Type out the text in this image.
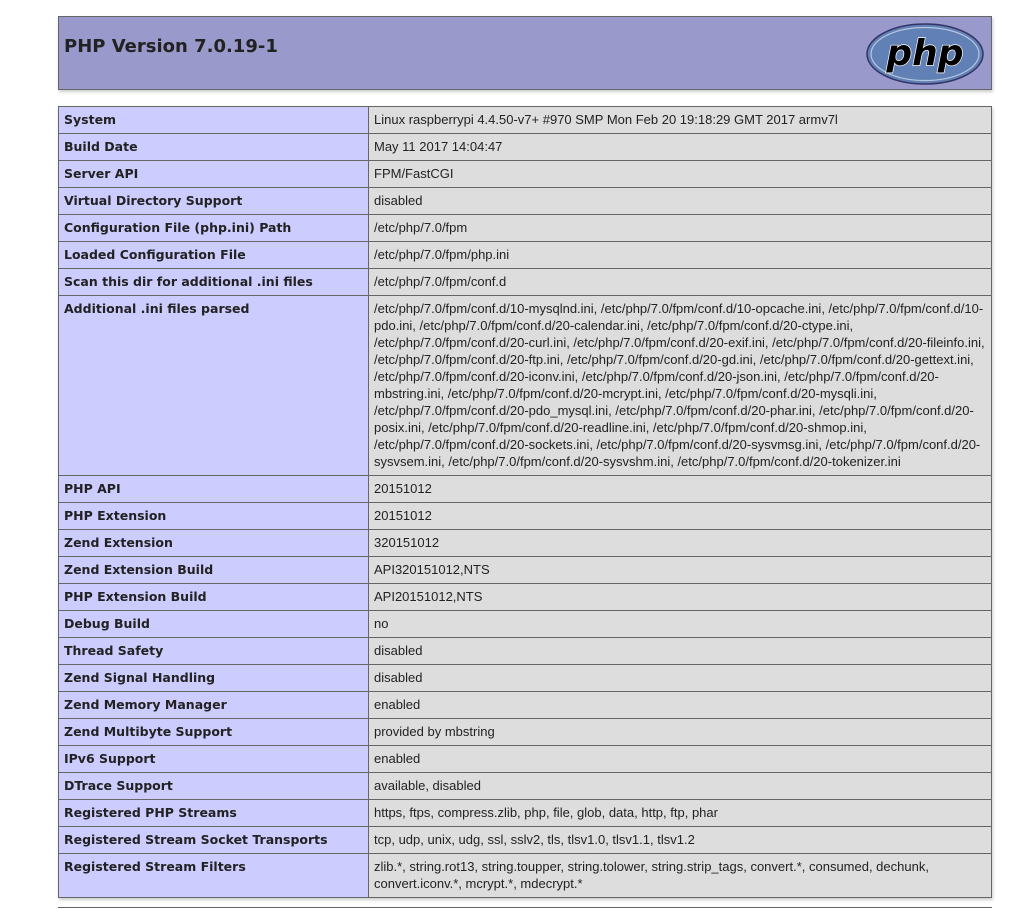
PHP Version 7.0.19-1	php
System	Linux raspberrypi 4.4.50-v7+ #970 SMP Mon Feb 20 19:18:29 GMT 2017 armv7l
Build Date	May 11 2017 14:04:47
Server API	FPM/FastCGI
Virtual Directory Support	disabled
Configuration File (php.ini) Path	/etc/php/7.0/fpm
Loaded Configuration File	/etc/php/7.0/fpm/php.ini
Scan this dir for additional .ini files	/etc/php/7.0/fpm/conf.d
Additional .ini files parsed	/etc/php/7.0/fpm/conf.d/10-mysqlnd.ini, /etc/php/7.0/fpm/conf.d/10-opcache.ini, /etc/php/7.0/fpm/conf.d/10-pdo.ini, /etc/php/7.0/fpm/conf.d/20-calendar.ini, /etc/php/7.0/fpm/conf.d/20-ctype.ini, /etc/php/7.0/fpm/conf.d/20-curl.ini, /etc/php/7.0/fpm/conf.d/20-exif.ini, /etc/php/7.0/fpm/conf.d/20-fileinfo.ini, /etc/php/7.0/fpm/conf.d/20-ftp.ini, /etc/php/7.0/fpm/conf.d/20-gd.ini, /etc/php/7.0/fpm/conf.d/20-gettext.ini, /etc/php/7.0/fpm/conf.d/20-iconv.ini, /etc/php/7.0/fpm/conf.d/20-json.ini, /etc/php/7.0/fpm/conf.d/20-mbstring.ini, /etc/php/7.0/fpm/conf.d/20-mcrypt.ini, /etc/php/7.0/fpm/conf.d/20-mysqli.ini, /etc/php/7.0/fpm/conf.d/20-pdo_mysql.ini, /etc/php/7.0/fpm/conf.d/20-phar.ini, /etc/php/7.0/fpm/conf.d/20-posix.ini, /etc/php/7.0/fpm/conf.d/20-readline.ini, /etc/php/7.0/fpm/conf.d/20-shmop.ini, /etc/php/7.0/fpm/conf.d/20-sockets.ini, /etc/php/7.0/fpm/conf.d/20-sysvmsg.ini, /etc/php/7.0/fpm/conf.d/20-sysvsem.ini, /etc/php/7.0/fpm/conf.d/20-sysvshm.ini, /etc/php/7.0/fpm/conf.d/20-tokenizer.ini
PHP API	20151012
PHP Extension	20151012
Zend Extension	320151012
Zend Extension Build	API320151012,NTS
PHP Extension Build	API20151012,NTS
Debug Build	no
Thread Safety	disabled
Zend Signal Handling	disabled
Zend Memory Manager	enabled
Zend Multibyte Support	provided by mbstring
IPv6 Support	enabled
DTrace Support	available, disabled
Registered PHP Streams	https, ftps, compress.zlib, php, file, glob, data, http, ftp, phar
Registered Stream Socket Transports	tcp, udp, unix, udg, ssl, sslv2, tls, tlsv1.0, tlsv1.1, tlsv1.2
Registered Stream Filters	zlib.*, string.rot13, string.toupper, string.tolower, string.strip_tags, convert.*, consumed, dechunk, convert.iconv.*, mcrypt.*, mdecrypt.*
